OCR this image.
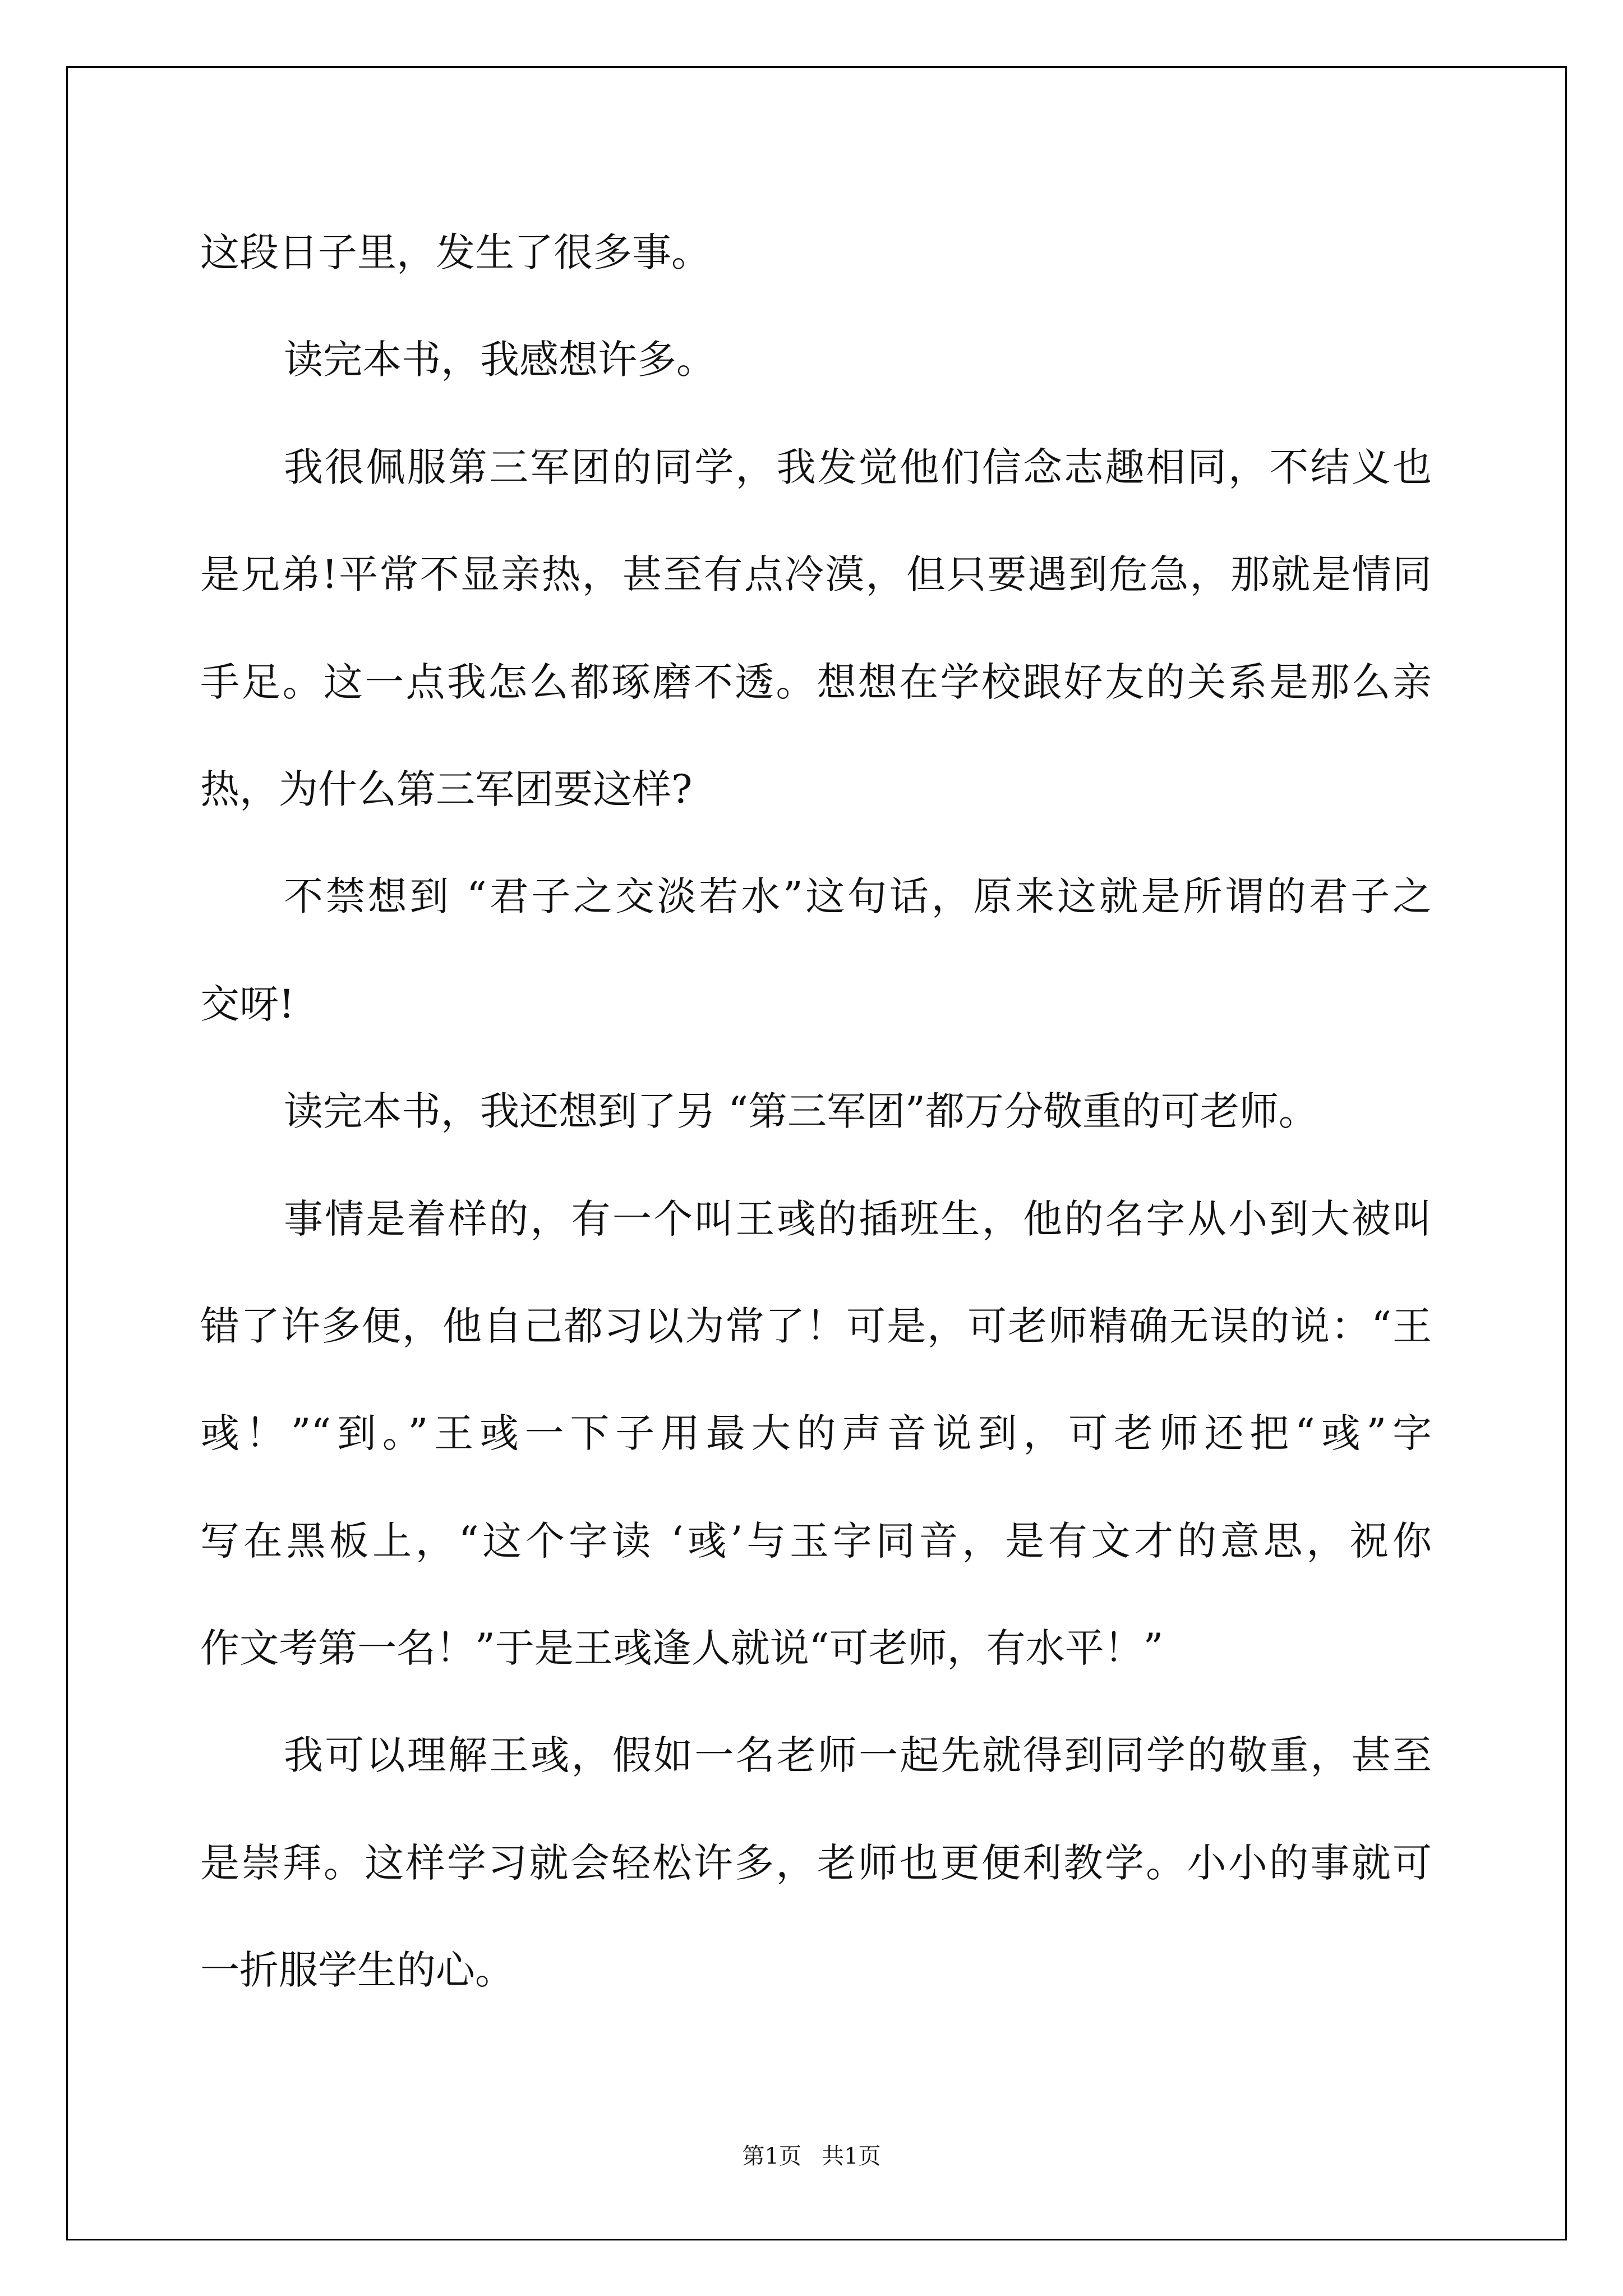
这段日子里，发生了很多事。
读完本书，我感想许多。
我很佩服第三军团的同学，我发觉他们信念志趣相同，不结义也
是兄弟!平常不显亲热，甚至有点冷漠，但只要遇到危急，那就是情同
手足。这一点我怎么都琢磨不透。想想在学校跟好友的关系是那么亲
热，为什么第三军团要这样?
不禁想到 “君子之交淡若水”这句话，原来这就是所谓的君子之
交呀!
读完本书，我还想到了另 “第三军团”都万分敬重的可老师。
事情是着样的，有一个叫王彧的插班生，他的名字从小到大被叫
错了许多便，他自己都习以为常了！可是，可老师精确无误的说：“王
彧！”“到。”王彧一下子用最大的声音说到，可老师还把“彧”字
写在黑板上，“这个字读 ‘彧’与玉字同音，是有文才的意思，祝你
作文考第一名！”于是王彧逢人就说“可老师，有水平！”
我可以理解王彧，假如一名老师一起先就得到同学的敬重，甚至
是崇拜。这样学习就会轻松许多，老师也更便利教学。小小的事就可
一折服学生的心。
第1页 共1页
